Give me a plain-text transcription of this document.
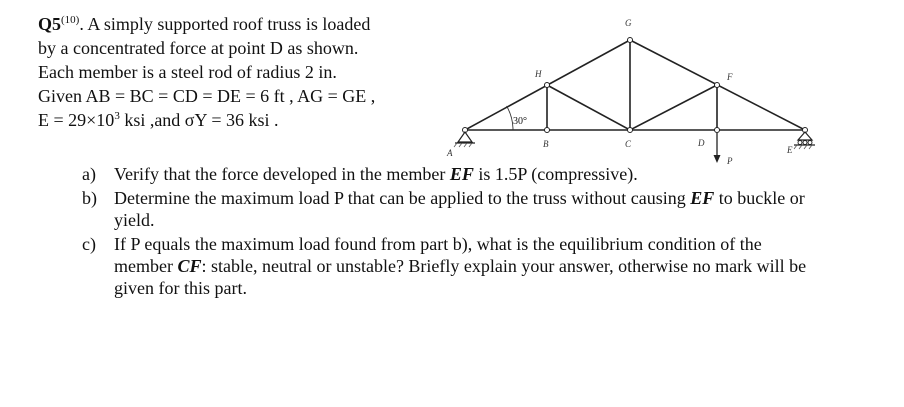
Q5$^{(10)}$. A simply supported roof truss is loaded
by a concentrated force at point D as shown.
Each member is a steel rod of radius 2 in.
Given AB = BC = CD = DE = 6 ft , AG = GE ,
$E = 29\times 10^3$ ksi ,and σY = 36 ksi .	30°
A
B	C	D
E
F
G
H
P
a)	Verify that the force developed in the member EF is 1.5P (compressive).
b) Determine the maximum load P that can be applied to the truss without causing EF to buckle or yield.
c)	If P equals the maximum load found from part b), what is the equilibrium condition of the member CF: stable, neutral or unstable? Briefly explain your answer, otherwise no mark will be given for this part.
